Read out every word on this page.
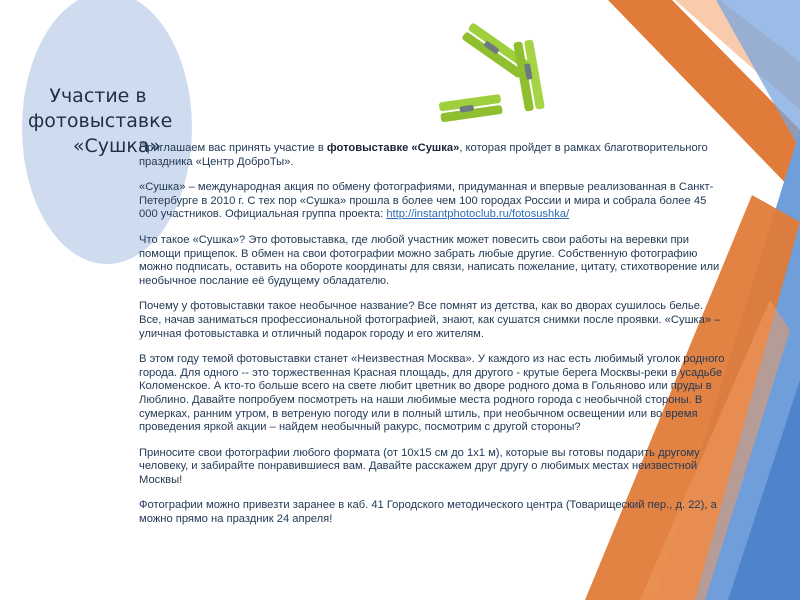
Участие в
фотовыставке
«Сушка»

Приглашаем вас принять участие в фотовыставке «Сушка», которая пройдет в рамках благотворительного праздника «Центр ДоброТы».

«Сушка» – международная акция по обмену фотографиями, придуманная и впервые реализованная в Санкт-Петербурге в 2010 г. С тех пор «Сушка» прошла в более чем 100 городах России и мира и собрала более 45 000 участников. Официальная группа проекта: http://instantphotoclub.ru/fotosushka/

Что такое «Сушка»? Это фотовыставка, где любой участник может повесить свои работы на веревки при помощи прищепок. В обмен на свои фотографии можно забрать любые другие. Собственную фотографию можно подписать, оставить на обороте координаты для связи, написать пожелание, цитату, стихотворение или необычное послание её будущему обладателю.

Почему у фотовыставки такое необычное название? Все помнят из детства, как во дворах сушилось белье. Все, начав заниматься профессиональной фотографией, знают, как сушатся снимки после проявки. «Сушка» – уличная фотовыставка и отличный подарок городу и его жителям.

В этом году темой фотовыставки станет «Неизвестная Москва». У каждого из нас есть любимый уголок родного города. Для одного -- это торжественная Красная площадь, для другого - крутые берега Москвы-реки в усадьбе Коломенское. А кто-то больше всего на свете любит цветник во дворе родного дома в Гольяново или пруды в Люблино. Давайте попробуем посмотреть на наши любимые места родного города с необычной стороны. В сумерках, ранним утром, в ветреную погоду или в полный штиль, при необычном освещении или во время проведения яркой акции – найдем необычный ракурс, посмотрим с другой стороны?

Приносите свои фотографии любого формата (от 10х15 см до 1х1 м), которые вы готовы подарить другому человеку, и забирайте понравившиеся вам. Давайте расскажем друг другу о любимых местах неизвестной Москвы!

Фотографии можно привезти заранее в каб. 41 Городского методического центра (Товарищеский пер., д. 22), а можно прямо на праздник 24 апреля!
